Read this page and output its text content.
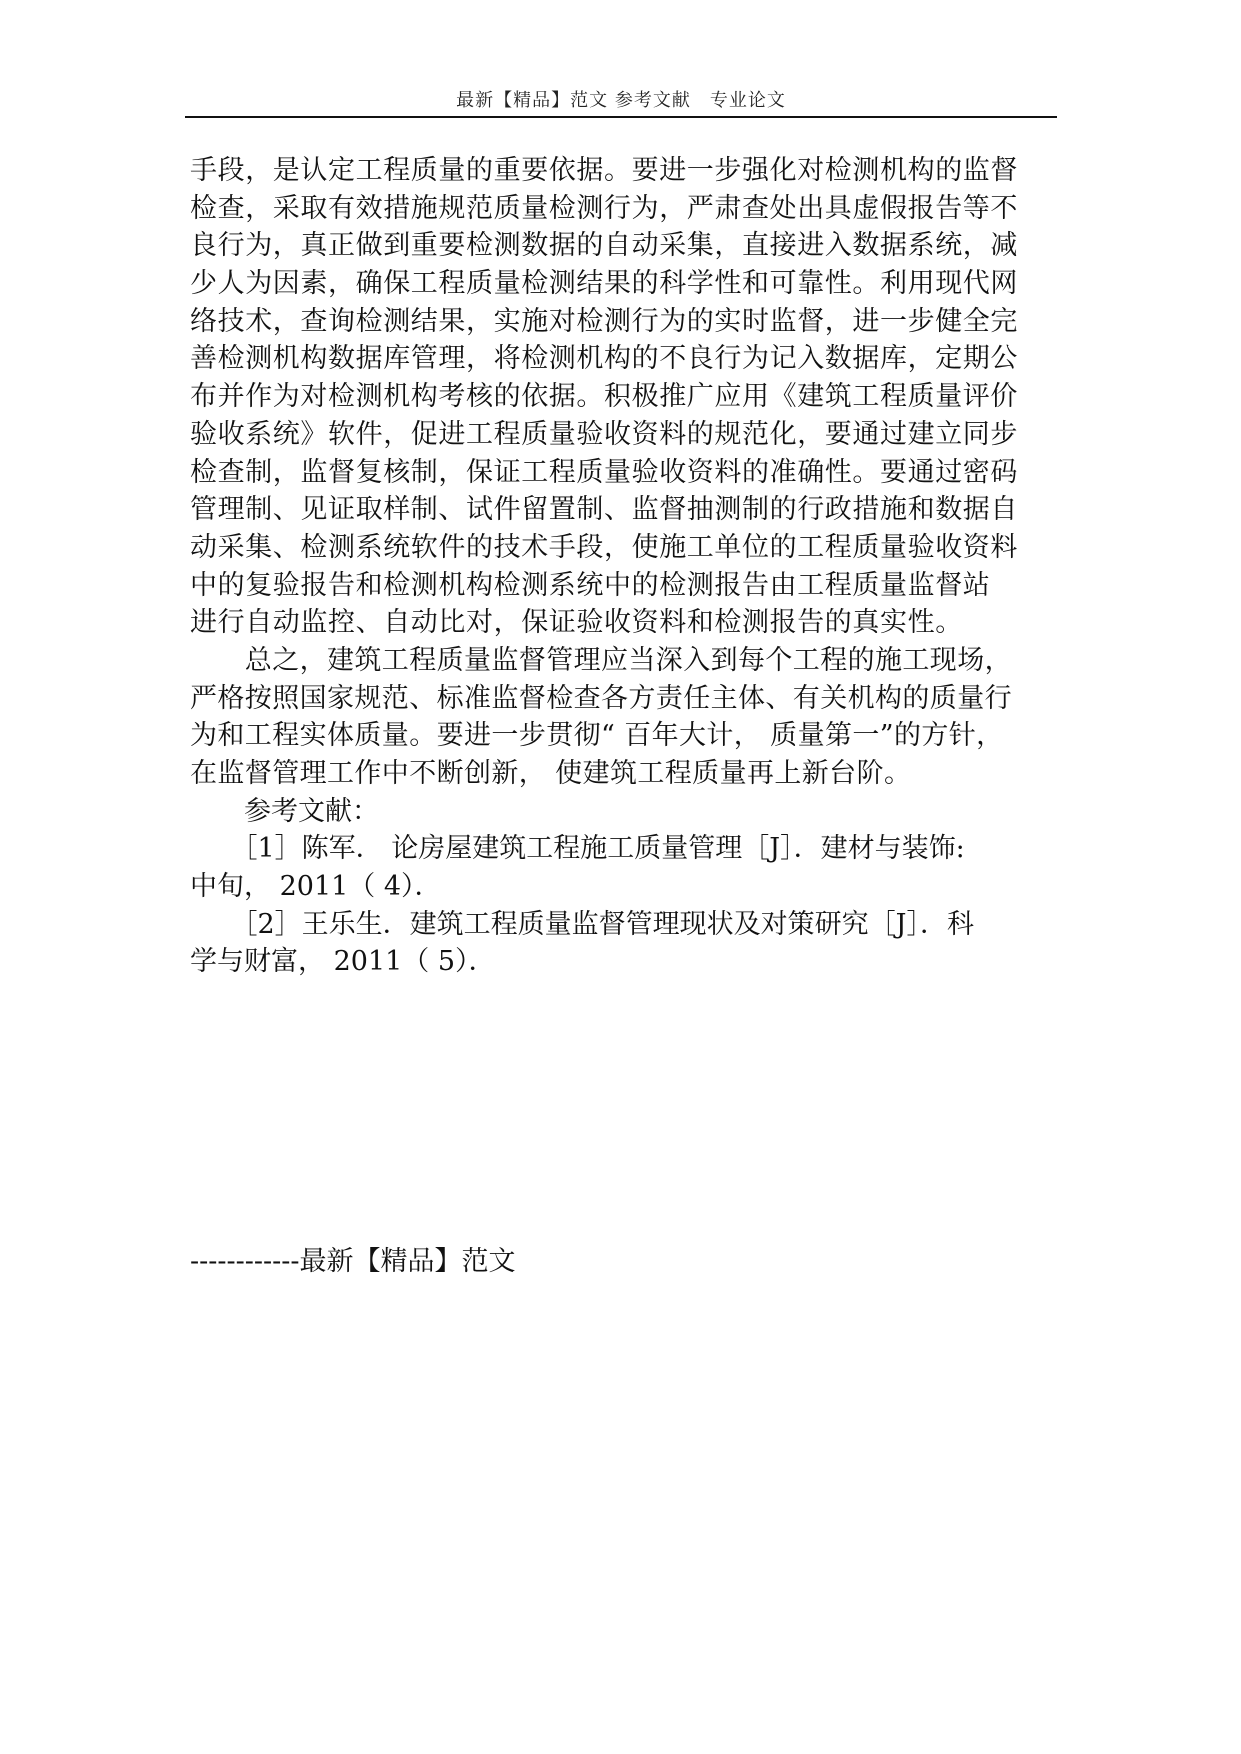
最新【精品】范文 参考文献　专业论文
手段，是认定工程质量的重要依据。要进一步强化对检测机构的监督
检查，采取有效措施规范质量检测行为，严肃查处出具虚假报告等不
良行为，真正做到重要检测数据的自动采集，直接进入数据系统，减
少人为因素，确保工程质量检测结果的科学性和可靠性。利用现代网
络技术，查询检测结果，实施对检测行为的实时监督，进一步健全完
善检测机构数据库管理，将检测机构的不良行为记入数据库，定期公
布并作为对检测机构考核的依据。积极推广应用《建筑工程质量评价
验收系统》软件，促进工程质量验收资料的规范化，要通过建立同步
检查制，监督复核制，保证工程质量验收资料的准确性。要通过密码
管理制、见证取样制、试件留置制、监督抽测制的行政措施和数据自
动采集、检测系统软件的技术手段，使施工单位的工程质量验收资料
中的复验报告和检测机构检测系统中的检测报告由工程质量监督站
进行自动监控、自动比对，保证验收资料和检测报告的真实性。
　　总之，建筑工程质量监督管理应当深入到每个工程的施工现场，
严格按照国家规范、标准监督检查各方责任主体、有关机构的质量行
为和工程实体质量。要进一步贯彻“ 百年大计， 质量第一”的方针，
在监督管理工作中不断创新， 使建筑工程质量再上新台阶。
　　参考文献：
　　［1］陈军． 论房屋建筑工程施工质量管理［J］．建材与装饰:
中旬， 2011（ 4）．
　　［2］王乐生．建筑工程质量监督管理现状及对策研究［J］．科
学与财富， 2011（ 5）．
------------最新【精品】范文
